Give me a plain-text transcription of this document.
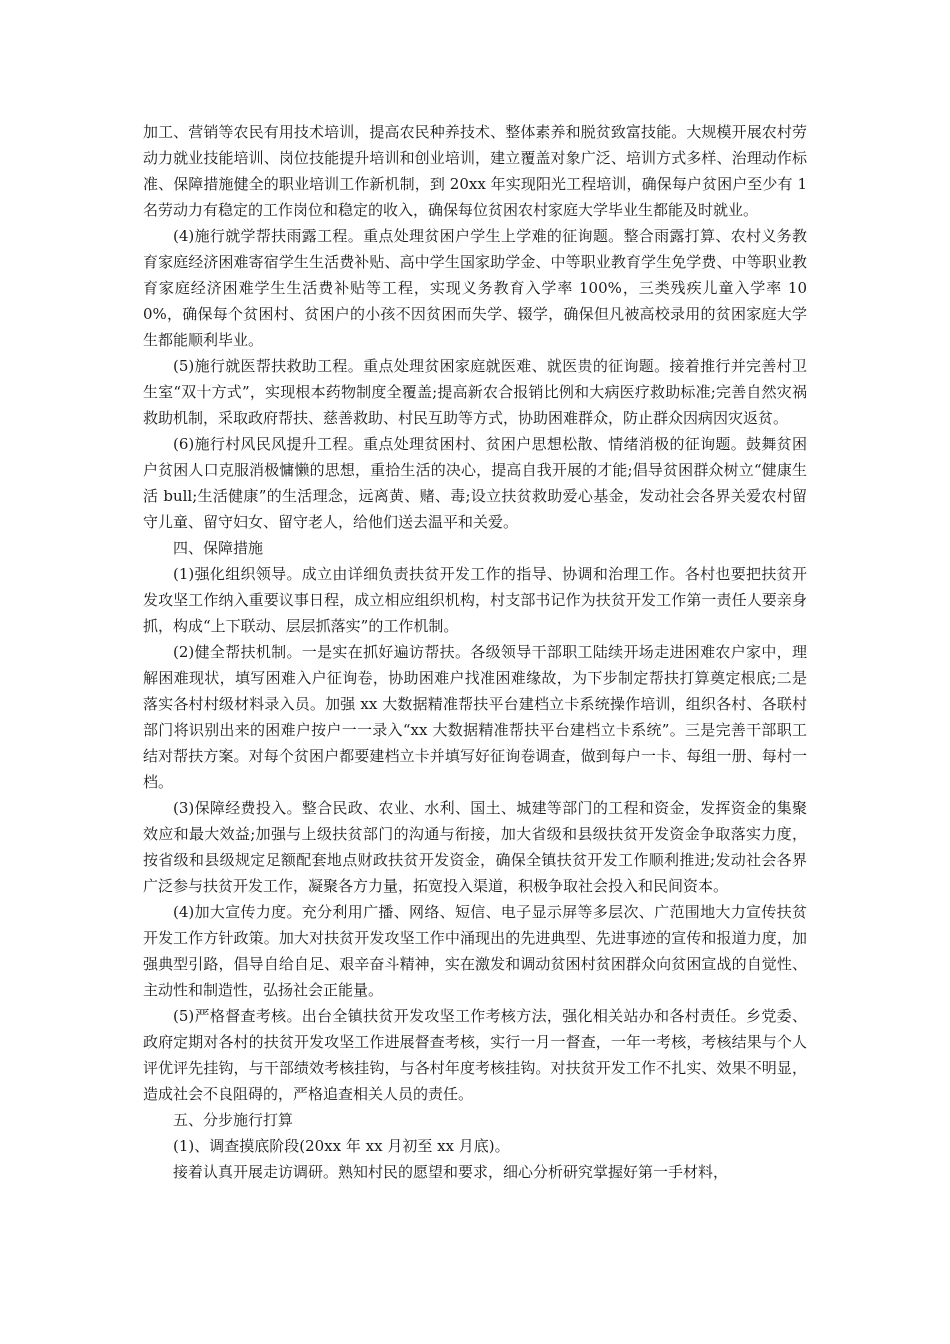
加工、营销等农民有用技术培训，提高农民种养技术、整体素养和脱贫致富技能。大规模开展农村劳动力就业技能培训、岗位技能提升培训和创业培训，建立覆盖对象广泛、培训方式多样、治理动作标准、保障措施健全的职业培训工作新机制，到 20xx 年实现阳光工程培训，确保每户贫困户至少有 1 名劳动力有稳定的工作岗位和稳定的收入，确保每位贫困农村家庭大学毕业生都能及时就业。

(4)施行就学帮扶雨露工程。重点处理贫困户学生上学难的征询题。整合雨露打算、农村义务教育家庭经济困难寄宿学生生活费补贴、高中学生国家助学金、中等职业教育学生免学费、中等职业教育家庭经济困难学生生活费补贴等工程，实现义务教育入学率 100%，三类残疾儿童入学率 100%，确保每个贫困村、贫困户的小孩不因贫困而失学、辍学，确保但凡被高校录用的贫困家庭大学生都能顺利毕业。

(5)施行就医帮扶救助工程。重点处理贫困家庭就医难、就医贵的征询题。接着推行并完善村卫生室“双十方式”，实现根本药物制度全覆盖;提高新农合报销比例和大病医疗救助标准;完善自然灾祸救助机制，采取政府帮扶、慈善救助、村民互助等方式，协助困难群众，防止群众因病因灾返贫。

(6)施行村风民风提升工程。重点处理贫困村、贫困户思想松散、情绪消极的征询题。鼓舞贫困户贫困人口克服消极慵懒的思想，重拾生活的决心，提高自我开展的才能;倡导贫困群众树立“健康生活 bull;生活健康”的生活理念，远离黄、赌、毒;设立扶贫救助爱心基金，发动社会各界关爱农村留守儿童、留守妇女、留守老人，给他们送去温平和关爱。

四、保障措施

(1)强化组织领导。成立由详细负责扶贫开发工作的指导、协调和治理工作。各村也要把扶贫开发攻坚工作纳入重要议事日程，成立相应组织机构，村支部书记作为扶贫开发工作第一责任人要亲身抓，构成“上下联动、层层抓落实”的工作机制。

(2)健全帮扶机制。一是实在抓好遍访帮扶。各级领导干部职工陆续开场走进困难农户家中，理解困难现状，填写困难入户征询卷，协助困难户找准困难缘故，为下步制定帮扶打算奠定根底;二是落实各村村级材料录入员。加强 xx 大数据精准帮扶平台建档立卡系统操作培训，组织各村、各联村部门将识别出来的困难户按户一一录入“xx 大数据精准帮扶平台建档立卡系统”。三是完善干部职工结对帮扶方案。对每个贫困户都要建档立卡并填写好征询卷调查，做到每户一卡、每组一册、每村一档。

(3)保障经费投入。整合民政、农业、水利、国土、城建等部门的工程和资金，发挥资金的集聚效应和最大效益;加强与上级扶贫部门的沟通与衔接，加大省级和县级扶贫开发资金争取落实力度，按省级和县级规定足额配套地点财政扶贫开发资金，确保全镇扶贫开发工作顺利推进;发动社会各界广泛参与扶贫开发工作，凝聚各方力量，拓宽投入渠道，积极争取社会投入和民间资本。

(4)加大宣传力度。充分利用广播、网络、短信、电子显示屏等多层次、广范围地大力宣传扶贫开发工作方针政策。加大对扶贫开发攻坚工作中涌现出的先进典型、先进事迹的宣传和报道力度，加强典型引路，倡导自给自足、艰辛奋斗精神，实在激发和调动贫困村贫困群众向贫困宣战的自觉性、主动性和制造性，弘扬社会正能量。

(5)严格督查考核。出台全镇扶贫开发攻坚工作考核方法，强化相关站办和各村责任。乡党委、政府定期对各村的扶贫开发攻坚工作进展督查考核，实行一月一督查，一年一考核，考核结果与个人评优评先挂钩，与干部绩效考核挂钩，与各村年度考核挂钩。对扶贫开发工作不扎实、效果不明显，造成社会不良阻碍的，严格追查相关人员的责任。

五、分步施行打算

(1)、调查摸底阶段(20xx 年 xx 月初至 xx 月底)。

接着认真开展走访调研。熟知村民的愿望和要求，细心分析研究掌握好第一手材料，
